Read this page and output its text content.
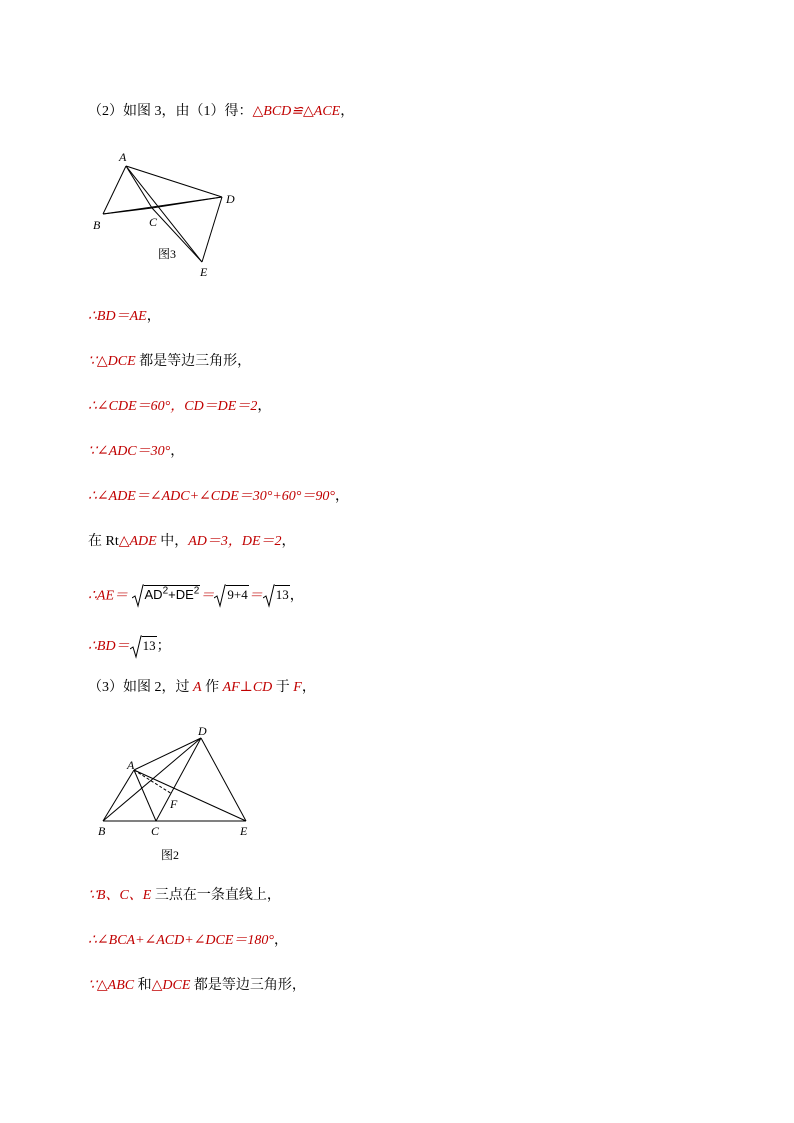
（2）如图 3，由（1）得：△BCD≌△ACE，
A
B	C
D
E
图3
∴BD＝AE，
∵△DCE 都是等边三角形，
∴∠CDE＝60°，CD＝DE＝2，
∵∠ADC＝30°，
∴∠ADE＝∠ADC+∠CDE＝30°+60°＝90°，
在 Rt△ADE 中，AD＝3，DE＝2，
∴AE＝ $AD^2+DE^2= 9+4= 13$，
∴BD＝ 13；
（3）如图 2，过 A 作 AF⊥CD 于 F，
A
B	C
D
E
F
图2
∵B、C、E 三点在一条直线上，
∴∠BCA+∠ACD+∠DCE＝180°，
∵△ABC 和△DCE 都是等边三角形，
